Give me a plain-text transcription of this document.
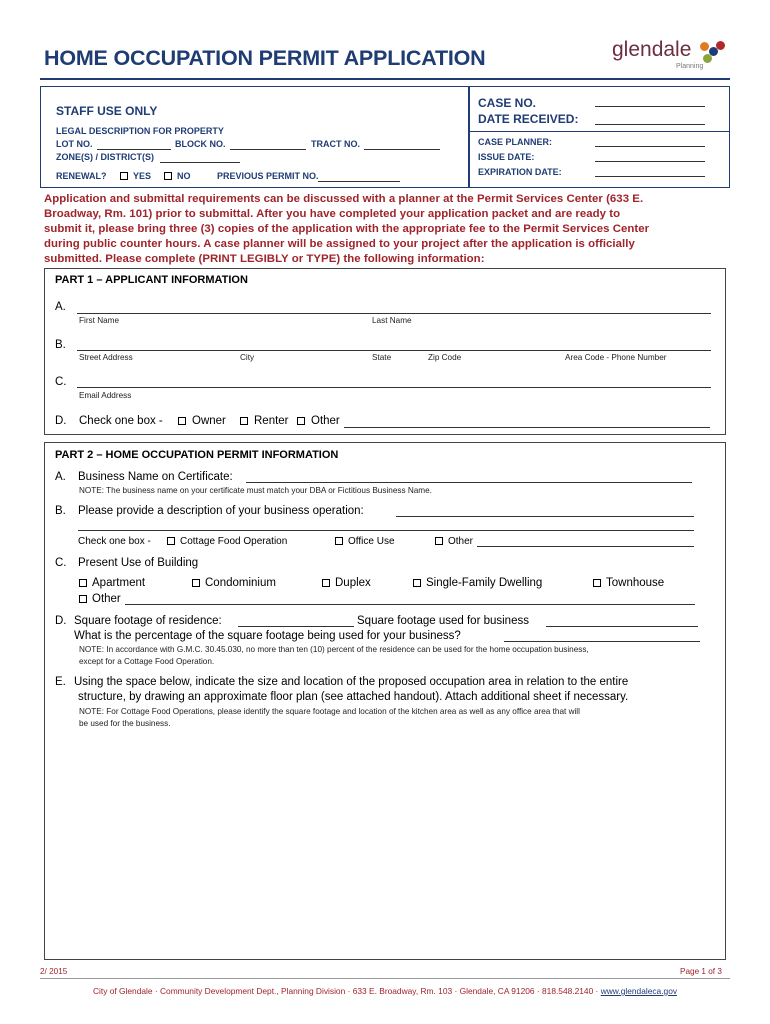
HOME OCCUPATION PERMIT APPLICATION	glendale
Planning
STAFF USE ONLY
LEGAL DESCRIPTION FOR PROPERTY
LOT NO.	BLOCK NO.	TRACT NO.
ZONE(S) / DISTRICT(S)
RENEWAL?	YES	NO	PREVIOUS PERMIT NO.
CASE NO.
DATE RECEIVED:
CASE PLANNER:
ISSUE DATE:
EXPIRATION DATE:
Application and submittal requirements can be discussed with a planner at the Permit Services Center (633 E.
Broadway, Rm. 101) prior to submittal. After you have completed your application packet and are ready to
submit it, please bring three (3) copies of the application with the appropriate fee to the Permit Services Center
during public counter hours. A case planner will be assigned to your project after the application is officially
submitted. Please complete (PRINT LEGIBLY or TYPE) the following information:
PART 1 – APPLICANT INFORMATION
A.
First Name	Last Name
B.
Street Address	City	State	Zip Code	Area Code - Phone Number
C.
Email Address
D. Check one box -	Owner Renter Other
PART 2 – HOME OCCUPATION PERMIT INFORMATION
A. Business Name on Certificate:
NOTE: The business name on your certificate must match your DBA or Fictitious Business Name.
B. Please provide a description of your business operation:
Check one box -	Cottage Food Operation	Office Use	Other
C. Present Use of Building
Apartment	Condominium	Duplex	Single-Family Dwelling	Townhouse
Other
D. Square footage of residence:	Square footage used for business
What is the percentage of the square footage being used for your business?
NOTE: In accordance with G.M.C. 30.45.030, no more than ten (10) percent of the residence can be used for the home occupation business,
except for a Cottage Food Operation.
E. Using the space below, indicate the size and location of the proposed occupation area in relation to the entire
structure, by drawing an approximate floor plan (see attached handout). Attach additional sheet if necessary.
NOTE: For Cottage Food Operations, please identify the square footage and location of the kitchen area as well as any office area that will
be used for the business.
2/ 2015	Page 1 of 3
City of Glendale · Community Development Dept., Planning Division · 633 E. Broadway, Rm. 103 · Glendale, CA 91206 · 818.548.2140 · www.glendaleca.gov
